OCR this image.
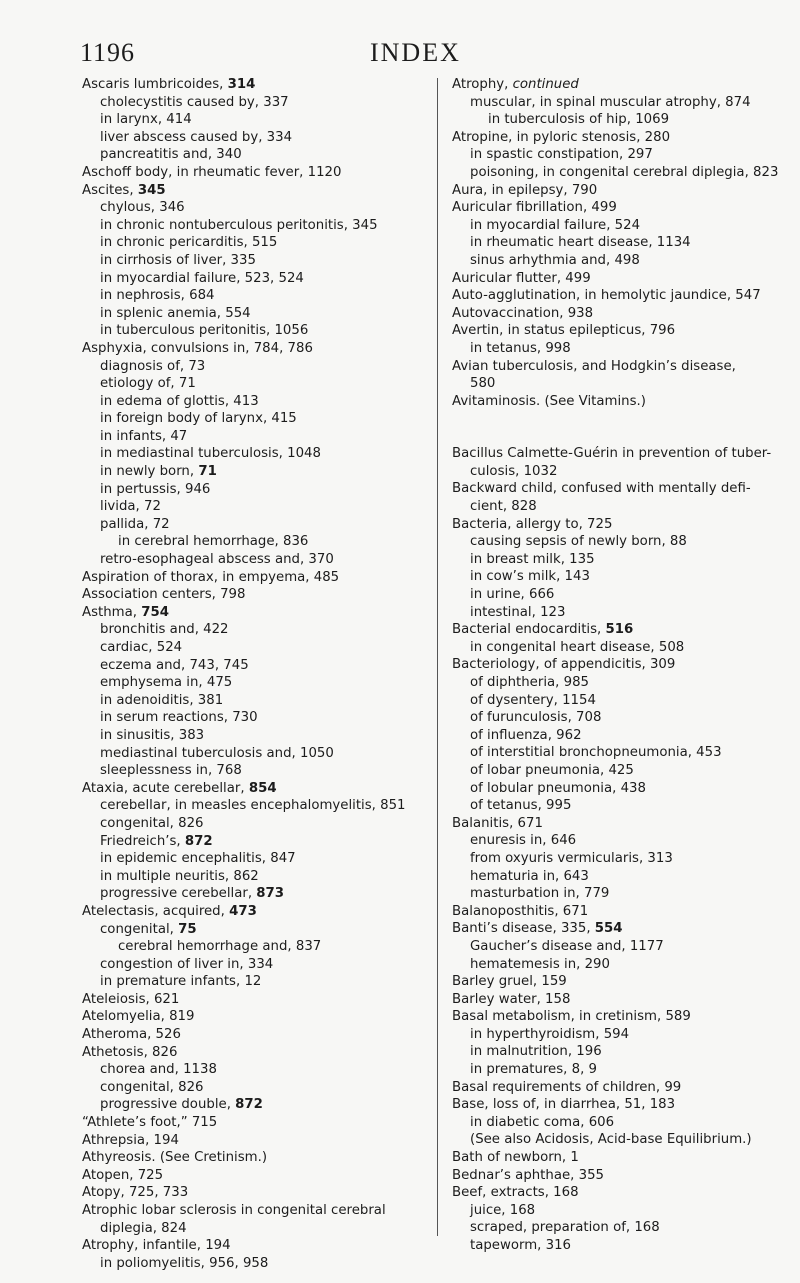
1196	INDEX
Ascaris lumbricoides, 314
cholecystitis caused by, 337
in larynx, 414
liver abscess caused by, 334
pancreatitis and, 340
Aschoff body, in rheumatic fever, 1120
Ascites, 345
chylous, 346
in chronic nontuberculous peritonitis, 345
in chronic pericarditis, 515
in cirrhosis of liver, 335
in myocardial failure, 523, 524
in nephrosis, 684
in splenic anemia, 554
in tuberculous peritonitis, 1056
Asphyxia, convulsions in, 784, 786
diagnosis of, 73
etiology of, 71
in edema of glottis, 413
in foreign body of larynx, 415
in infants, 47
in mediastinal tuberculosis, 1048
in newly born, 71
in pertussis, 946
livida, 72
pallida, 72
in cerebral hemorrhage, 836
retro-esophageal abscess and, 370
Aspiration of thorax, in empyema, 485
Association centers, 798
Asthma, 754
bronchitis and, 422
cardiac, 524
eczema and, 743, 745
emphysema in, 475
in adenoiditis, 381
in serum reactions, 730
in sinusitis, 383
mediastinal tuberculosis and, 1050
sleeplessness in, 768
Ataxia, acute cerebellar, 854
cerebellar, in measles encephalomyelitis, 851
congenital, 826
Friedreich’s, 872
in epidemic encephalitis, 847
in multiple neuritis, 862
progressive cerebellar, 873
Atelectasis, acquired, 473
congenital, 75
cerebral hemorrhage and, 837
congestion of liver in, 334
in premature infants, 12
Ateleiosis, 621
Atelomyelia, 819
Atheroma, 526
Athetosis, 826
chorea and, 1138
congenital, 826
progressive double, 872
“Athlete’s foot,” 715
Athrepsia, 194
Athyreosis. (See Cretinism.)
Atopen, 725
Atopy, 725, 733
Atrophic lobar sclerosis in congenital cerebral
diplegia, 824
Atrophy, infantile, 194
in poliomyelitis, 956, 958
Atrophy, continued
muscular, in spinal muscular atrophy, 874
in tuberculosis of hip, 1069
Atropine, in pyloric stenosis, 280
in spastic constipation, 297
poisoning, in congenital cerebral diplegia, 823
Aura, in epilepsy, 790
Auricular fibrillation, 499
in myocardial failure, 524
in rheumatic heart disease, 1134
sinus arhythmia and, 498
Auricular flutter, 499
Auto-agglutination, in hemolytic jaundice, 547
Autovaccination, 938
Avertin, in status epilepticus, 796
in tetanus, 998
Avian tuberculosis, and Hodgkin’s disease,
580
Avitaminosis. (See Vitamins.)
Bacillus Calmette-Guérin in prevention of tuber-
culosis, 1032
Backward child, confused with mentally defi-
cient, 828
Bacteria, allergy to, 725
causing sepsis of newly born, 88
in breast milk, 135
in cow’s milk, 143
in urine, 666
intestinal, 123
Bacterial endocarditis, 516
in congenital heart disease, 508
Bacteriology, of appendicitis, 309
of diphtheria, 985
of dysentery, 1154
of furunculosis, 708
of influenza, 962
of interstitial bronchopneumonia, 453
of lobar pneumonia, 425
of lobular pneumonia, 438
of tetanus, 995
Balanitis, 671
enuresis in, 646
from oxyuris vermicularis, 313
hematuria in, 643
masturbation in, 779
Balanoposthitis, 671
Banti’s disease, 335, 554
Gaucher’s disease and, 1177
hematemesis in, 290
Barley gruel, 159
Barley water, 158
Basal metabolism, in cretinism, 589
in hyperthyroidism, 594
in malnutrition, 196
in prematures, 8, 9
Basal requirements of children, 99
Base, loss of, in diarrhea, 51, 183
in diabetic coma, 606
(See also Acidosis, Acid-base Equilibrium.)
Bath of newborn, 1
Bednar’s aphthae, 355
Beef, extracts, 168
juice, 168
scraped, preparation of, 168
tapeworm, 316
